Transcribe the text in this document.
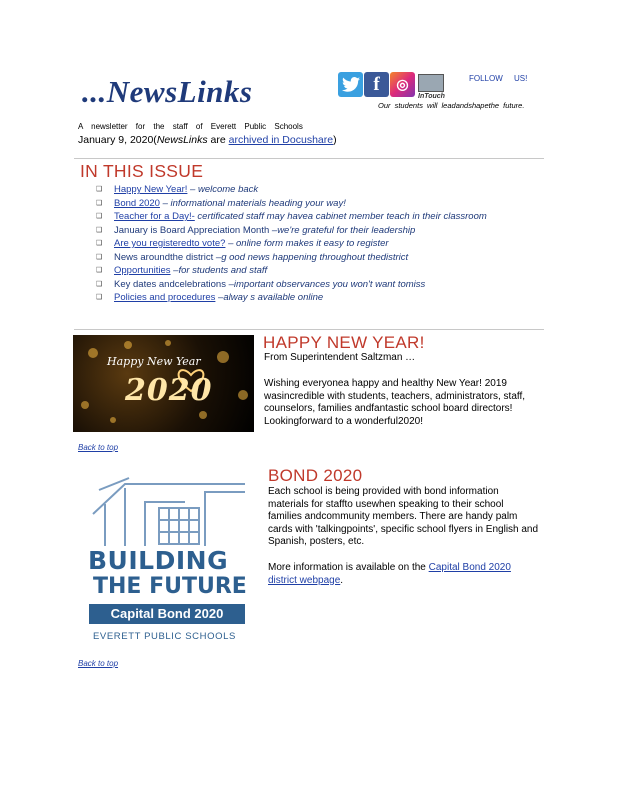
...NewsLinks	f	◎
InTouch
FOLLOW US!
Our students will leadandshapethe future.
A newsletter for the staff of Everett Public Schools
January 9, 2020(NewsLinks are archived in Docushare)
IN THIS ISSUE
❑ Happy New Year! – welcome back
❑ Bond 2020 – informational materials heading your way!
❑ Teacher for a Day!- certificated staff may havea cabinet member teach in their classroom
❑ January is Board Appreciation Month –we're grateful for their leadership
❑ Are you registeredto vote? – online form makes it easy to register
❑ News aroundthe district –g ood news happening throughout thedistrict
❑ Opportunities –for students and staff
❑ Key dates andcelebrations –important observances you won't want tomiss
❑ Policies and procedures –alway s available online
Happy New Year
2020
HAPPY NEW YEAR!
From Superintendent Saltzman …
Wishing everyonea happy and healthy New Year! 2019 wasincredible with students, teachers, administrators, staff, counselors, families andfantastic school board directors! Lookingforward to a wonderful2020!
Back to top
BUILDING
THE FUTURE
Capital Bond 2020
EVERETT PUBLIC SCHOOLS
BOND 2020
Each school is being provided with bond information materials for staffto usewhen speaking to their school families andcommunity members. There are handy palm cards with 'talkingpoints', specific school flyers in English and Spanish, posters, etc.
More information is available on the Capital Bond 2020 district webpage.
Back to top
